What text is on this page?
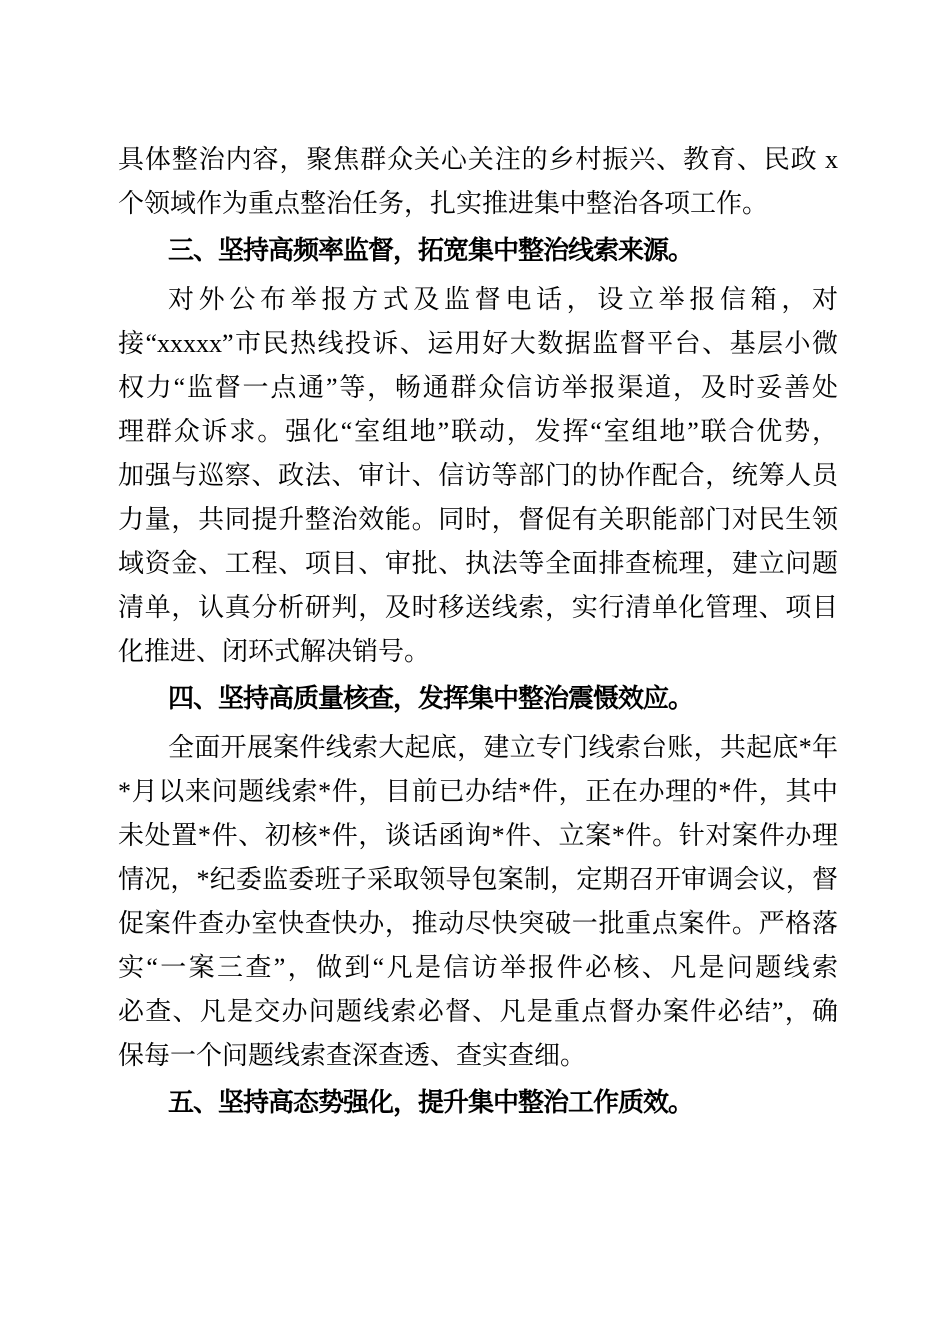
具体整治内容，聚焦群众关心关注的乡村振兴、教育、民政 x
个领域作为重点整治任务，扎实推进集中整治各项工作。
三、坚持高频率监督，拓宽集中整治线索来源。
对外公布举报方式及监督电话，设立举报信箱，对
接“xxxxx”市民热线投诉、运用好大数据监督平台、基层小微
权力“监督一点通”等，畅通群众信访举报渠道，及时妥善处
理群众诉求。强化“室组地”联动，发挥“室组地”联合优势，
加强与巡察、政法、审计、信访等部门的协作配合，统筹人员
力量，共同提升整治效能。同时，督促有关职能部门对民生领
域资金、工程、项目、审批、执法等全面排查梳理，建立问题
清单，认真分析研判，及时移送线索，实行清单化管理、项目
化推进、闭环式解决销号。
四、坚持高质量核查，发挥集中整治震慑效应。
全面开展案件线索大起底，建立专门线索台账，共起底*年
*月以来问题线索*件，目前已办结*件，正在办理的*件，其中
未处置*件、初核*件，谈话函询*件、立案*件。针对案件办理
情况，*纪委监委班子采取领导包案制，定期召开审调会议，督
促案件查办室快查快办，推动尽快突破一批重点案件。严格落
实“一案三查”，做到“凡是信访举报件必核、凡是问题线索
必查、凡是交办问题线索必督、凡是重点督办案件必结”，确
保每一个问题线索查深查透、查实查细。
五、坚持高态势强化，提升集中整治工作质效。
